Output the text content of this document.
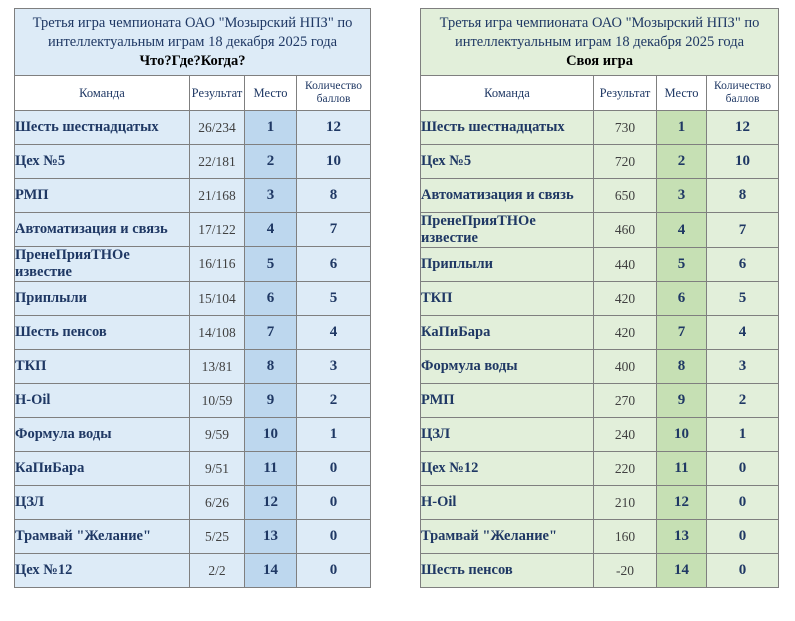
Третья игра чемпионата ОАО "Мозырский НПЗ" по
интеллектуальным играм 18 декабря 2025 года
Что?Где?Когда?			

Команда	Результат	Место	Количество баллов
Шесть шестнадцатых	26/234	1	12
Цех №5	22/181	2	10
РМП	21/168	3	8
Автоматизация и связь	17/122	4	7
ПренеПрияТНОе известие	16/116	5	6
Приплыли	15/104	6	5
Шесть пенсов	14/108	7	4
ТКП	13/81	8	3
H-Oil	10/59	9	2
Формула воды	9/59	10	1
КаПиБара	9/51	11	0
ЦЗЛ	6/26	12	0
Трамвай "Желание"	5/25	13	0
Цех №12	2/2	14	0
Третья игра чемпионата ОАО "Мозырский НПЗ" по
интеллектуальным играм 18 декабря 2025 года
Своя игра			

Команда	Результат	Место	Количество баллов
Шесть шестнадцатых	730	1	12
Цех №5	720	2	10
Автоматизация и связь	650	3	8
ПренеПрияТНОе известие	460	4	7
Приплыли	440	5	6
ТКП	420	6	5
КаПиБара	420	7	4
Формула воды	400	8	3
РМП	270	9	2
ЦЗЛ	240	10	1
Цех №12	220	11	0
H-Oil	210	12	0
Трамвай "Желание"	160	13	0
Шесть пенсов	-20	14	0
